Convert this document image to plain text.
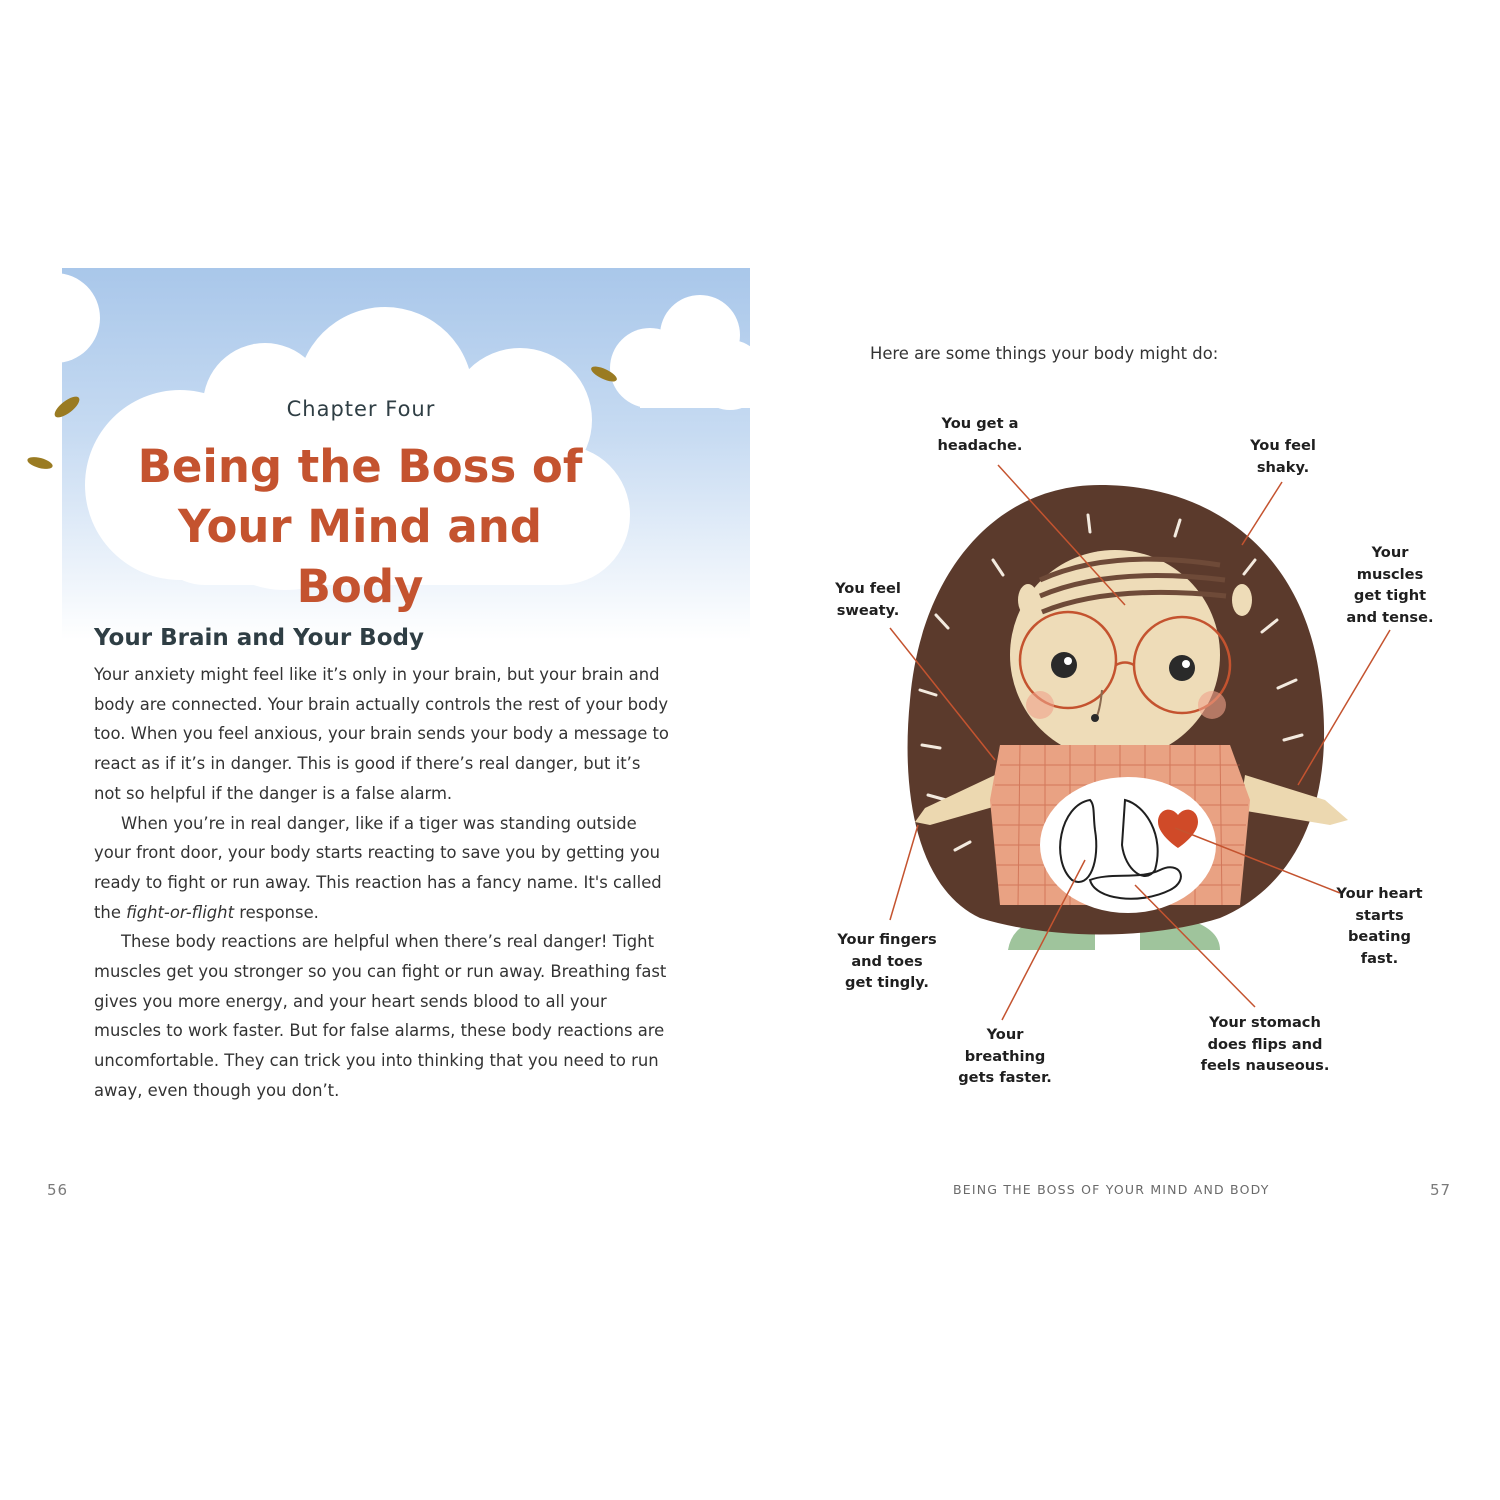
Chapter Four
Being the Boss of Your Mind and Body
Your Brain and Your Body

Your anxiety might feel like it’s only in your brain, but your brain and body are connected. Your brain actually controls the rest of your body too. When you feel anxious, your brain sends your body a message to react as if it’s in danger. This is good if there’s real danger, but it’s not so helpful if the danger is a false alarm.

When you’re in real danger, like if a tiger was standing outside your front door, your body starts reacting to save you by getting you ready to fight or run away. This reaction has a fancy name. It's called the fight-or-flight response.

These body reactions are helpful when there’s real danger! Tight muscles get you stronger so you can fight or run away. Breathing fast gives you more energy, and your heart sends blood to all your muscles to work faster. But for false alarms, these body reactions are uncomfortable. They can trick you into thinking that you need to run away, even though you don’t.

56
Here are some things your body might do:
You get a
headache.	You feel
shaky.
Your
muscles
get tight
and tense.
You feel
sweaty.
Your heart
starts
beating
fast.
Your fingers
and toes
get tingly.
Your
breathing
gets faster.
Your stomach
does flips and
feels nauseous.
BEING THE BOSS OF YOUR MIND AND BODY	57
